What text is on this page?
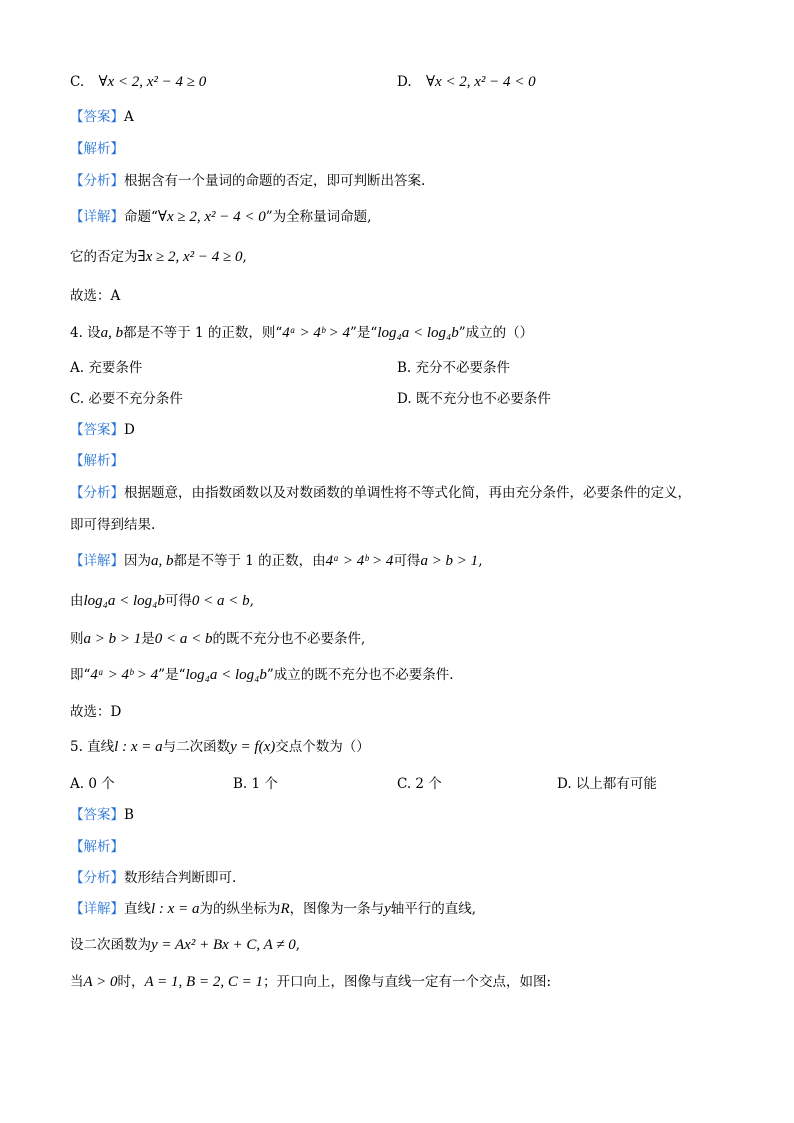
C. ∀x < 2, x² − 4 ≥ 0	D. ∀x < 2, x² − 4 < 0
【答案】A
【解析】
【分析】根据含有一个量词的命题的否定，即可判断出答案.
【详解】命题“∀x ≥ 2, x² − 4 < 0”为全称量词命题,
它的否定为∃x ≥ 2, x² − 4 ≥ 0,
故选：A
4. 设a, b都是不等于 1 的正数，则“4ᵃ > 4ᵇ > 4”是“log₄a < log₄b”成立的（）
A. 充要条件	B. 充分不必要条件
C. 必要不充分条件	D. 既不充分也不必要条件
【答案】D
【解析】
【分析】根据题意，由指数函数以及对数函数的单调性将不等式化简，再由充分条件，必要条件的定义，
即可得到结果.
【详解】因为a, b都是不等于 1 的正数，由4ᵃ > 4ᵇ > 4可得a > b > 1,
由log₄a < log₄b可得0 < a < b,
则a > b > 1是0 < a < b的既不充分也不必要条件,
即“4ᵃ > 4ᵇ > 4”是“log₄a < log₄b”成立的既不充分也不必要条件.
故选：D
5. 直线l : x = a与二次函数y = f(x)交点个数为（）
A. 0 个	B. 1 个	C. 2 个	D. 以上都有可能
【答案】B
【解析】
【分析】数形结合判断即可.
【详解】直线l : x = a为的纵坐标为R，图像为一条与y轴平行的直线,
设二次函数为y = Ax² + Bx + C, A ≠ 0,
当A > 0时，A = 1, B = 2, C = 1；开口向上，图像与直线一定有一个交点，如图:
